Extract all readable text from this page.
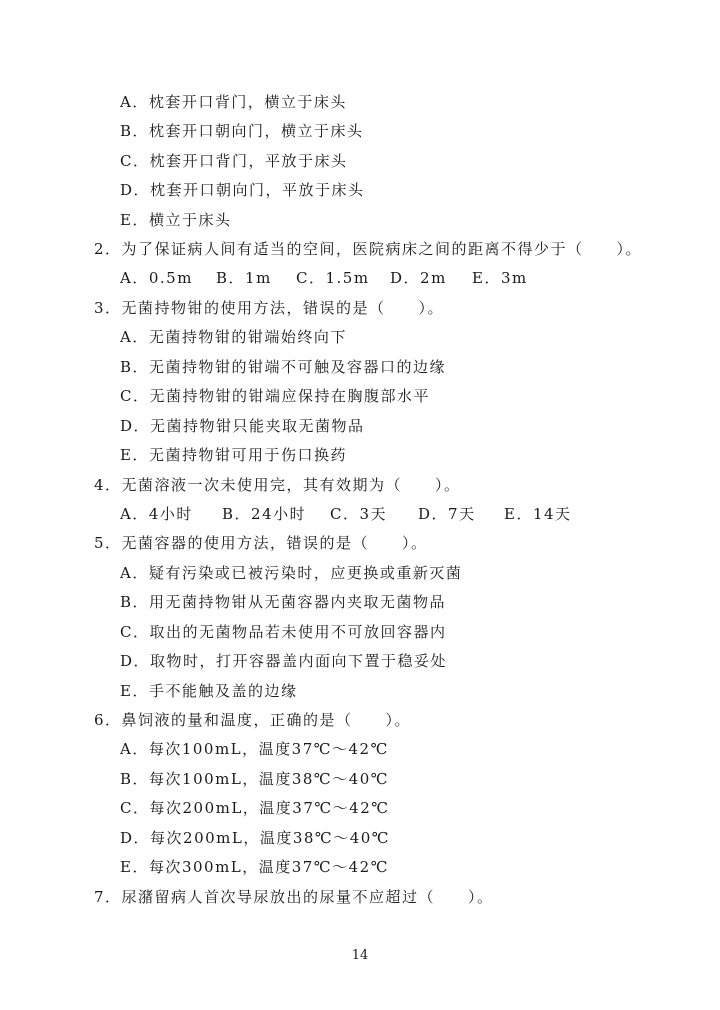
A．枕套开口背门，横立于床头
B．枕套开口朝向门，横立于床头
C．枕套开口背门，平放于床头
D．枕套开口朝向门，平放于床头
E．横立于床头
2．为了保证病人间有适当的空间，医院病床之间的距离不得少于（　　）。
A．0.5m B．1m C．1.5m D．2m E．3m
3．无菌持物钳的使用方法，错误的是（　　）。
A．无菌持物钳的钳端始终向下
B．无菌持物钳的钳端不可触及容器口的边缘
C．无菌持物钳的钳端应保持在胸腹部水平
D．无菌持物钳只能夹取无菌物品
E．无菌持物钳可用于伤口换药
4．无菌溶液一次未使用完，其有效期为（　　）。
A．4小时 B．24小时 C．3天 D．7天 E．14天
5．无菌容器的使用方法，错误的是（　　）。
A．疑有污染或已被污染时，应更换或重新灭菌
B．用无菌持物钳从无菌容器内夹取无菌物品
C．取出的无菌物品若未使用不可放回容器内
D．取物时，打开容器盖内面向下置于稳妥处
E．手不能触及盖的边缘
6．鼻饲液的量和温度，正确的是（　　）。
A．每次100mL，温度37℃～42℃
B．每次100mL，温度38℃～40℃
C．每次200mL，温度37℃～42℃
D．每次200mL，温度38℃～40℃
E．每次300mL，温度37℃～42℃
7．尿潴留病人首次导尿放出的尿量不应超过（　　）。
14
